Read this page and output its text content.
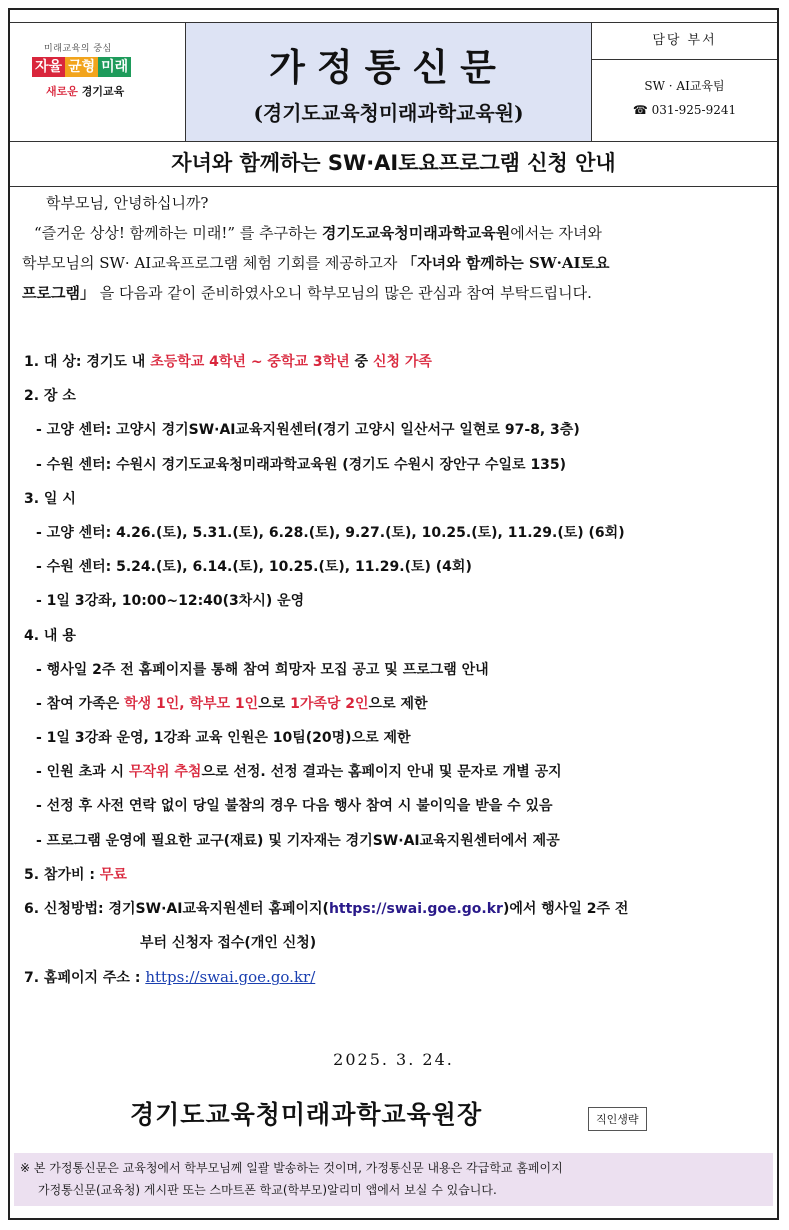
미래교육의 중심
자율 균형 미래
새로운 경기교육
가정통신문
(경기도교육청미래과학교육원)
담당 부서
SW · AI교육팀
☎ 031-925-9241
자녀와 함께하는 SW·AI토요프로그램 신청 안내

학부모님, 안녕하십니까?

“즐거운 상상! 함께하는 미래!” 를 추구하는 경기도교육청미래과학교육원에서는 자녀와

학부모님의 SW· AI교육프로그램 체험 기회를 제공하고자 「자녀와 함께하는 SW·AI토요

프로그램」 을 다음과 같이 준비하였사오니 학부모님의 많은 관심과 참여 부탁드립니다.

1. 대 상: 경기도 내 초등학교 4학년 ~ 중학교 3학년 중 신청 가족
2. 장 소
- 고양 센터: 고양시 경기SW·AI교육지원센터(경기 고양시 일산서구 일현로 97-8, 3층)
- 수원 센터: 수원시 경기도교육청미래과학교육원 (경기도 수원시 장안구 수일로 135)
3. 일 시
- 고양 센터: 4.26.(토), 5.31.(토), 6.28.(토), 9.27.(토), 10.25.(토), 11.29.(토) (6회)
- 수원 센터: 5.24.(토), 6.14.(토), 10.25.(토), 11.29.(토) (4회)
- 1일 3강좌, 10:00~12:40(3차시) 운영
4. 내 용
- 행사일 2주 전 홈페이지를 통해 참여 희망자 모집 공고 및 프로그램 안내
- 참여 가족은 학생 1인, 학부모 1인으로 1가족당 2인으로 제한
- 1일 3강좌 운영, 1강좌 교육 인원은 10팀(20명)으로 제한
- 인원 초과 시 무작위 추첨으로 선정. 선정 결과는 홈페이지 안내 및 문자로 개별 공지
- 선정 후 사전 연락 없이 당일 불참의 경우 다음 행사 참여 시 불이익을 받을 수 있음
- 프로그램 운영에 필요한 교구(재료) 및 기자재는 경기SW·AI교육지원센터에서 제공
5. 참가비 : 무료
6. 신청방법: 경기SW·AI교육지원센터 홈페이지(https://swai.goe.go.kr)에서 행사일 2주 전
부터 신청자 접수(개인 신청)
7. 홈페이지 주소 : https://swai.goe.go.kr/
2025. 3. 24.
경기도교육청미래과학교육원장	직인생략

※ 본 가정통신문은 교육청에서 학부모님께 일괄 발송하는 것이며, 가정통신문 내용은 각급학교 홈페이지

가정통신문(교육청) 게시판 또는 스마트폰 학교(학부모)알리미 앱에서 보실 수 있습니다.
